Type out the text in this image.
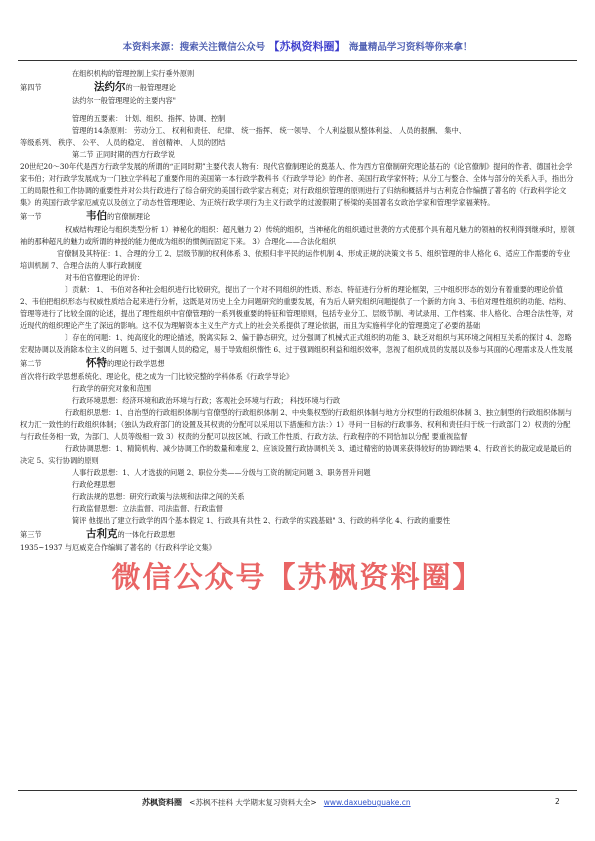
本资料来源：搜索关注微信公众号 【苏枫资料圈】 海量精品学习资料等你来拿！
在组织机构的管理控制上实行垂外原则
第四节	法约尔的一般管理理论
法约尔一般管理理论的主要内容"
管理的五要素： 计划、组织、指挥、协调、控制
管理的14条原则： 劳动分工、 权利和责任、 纪律、 统一指挥、 统一领导、 个人利益服从整体利益、 人员的报酬、 集中、
等级系列、 秩序、 公平、 人员的稳定、 首创精神、 人员的团结
第二节 正同时期的西方行政学说
20世纪20～30年代是西方行政学发展的所谓的“正同时期”主要代表人物有：现代官僚制理论的奠基人、作为西方官僚制研究理论基石的《论官僚制》提问的作者、德国社会学家韦伯；对行政学发展成为一门独立学科起了重要作用的美国第一本行政学教科书《行政学导论》的作者、美国行政学家怀特；从分工与整合、全体与部分的关系入手，指出分工的局限性和工作协调的重要性并对公共行政进行了综合研究的美国行政学家古利克；对行政组织管理的原则进行了归纳和概括并与古利克合作编撰了著名的《行政科学论文集》的英国行政学家厄威克以及创立了动态性管理理论、为正统行政学项行为主义行政学的过渡假期了桥梁的美国著名女政治学家和管理学家福莱特。
第一节	韦伯的官僚制理论
权威结构理论与组织类型分析 1）神秘化的组织：超凡魅力 2）传统的组织，当神秘化的组织通过世袭的方式使那个具有超凡魅力的领袖的权利得到继承时，原领袖的那种超凡的魅力或所谓的神授的能力便成为组织的惯例而固定下来。 3）合理化——合法化组织
官僚制及其特征：1、合理的分工 2、层级节制的权利体系 3、依照归非平民的运作机制 4、形成正规的决策文书 5、组织管理的非人格化 6、适应工作需要的专业培训机制 7、合理合法的人事行政制度
对韦伯官僚理论的评价：
〕贡献： 1、 韦伯对各种社会组织进行比较研究，提出了一个对不同组织的性质、形态、特征进行分析的理论框架，三中组织形态的划分有着重要的理论价值 2、韦伯把组织形态与权威性质结合起来进行分析，这既是对历史上全力问题研究的重要发展，有为后人研究组织问题提供了一个新的方向 3、韦伯对理性组织的功能、结构、管理等进行了比较全面的论述，提出了理性组织中官僚管理的一系列极重要的特征和管理原则，包括专业分工、层级节制、考试录用、工作档案、非人格化、合理合法性等，对近现代的组织理论产生了深远的影响。这不仅为理解资本主义生产方式上的社会关系提供了理论依据，而且为实施科学化的管理奠定了必要的基础
〕存在的问题：1、纯高度化的理论描述，脱离实际 2、偏于静态研究，过分强调了机械式正式组织的功能 3、缺乏对组织与其环境之间相互关系的探讨 4、忽略宏观协调以及消除本位主义的问题 5、过于强调人员的稳定，易于导致组织惰性 6、过于强调组织利益和组织效率，忽视了组织成员的发展以及参与其面的心理需求及人性发展
第二节	怀特的理论行政学思想
首次将行政学思想系统化、理论化，使之成为一门比较完整的学科体系《行政学导论》
行政学的研究对象和范围
行政环境思想：经济环境和政治环境与行政；客观社会环境与行政； 科技环境与行政
行政组织思想：1、自治型的行政组织体制与官僚型的行政组织体制 2、中央集权型的行政组织体制与地方分权型的行政组织体制 3、独立制型的行政组织体制与权力汇一致性的行政组织体制；（独认为政府部门的设置及其权责的分配可以采用以下措施和方法：）1）寻问一目标的行政事务、权利和责任归于统一行政部门 2）权责的分配与行政任务相一致，为部门、人员等级相一致 3）权责的分配可以按区域、行政工作性质、行政方法、行政程序的不同恰加以分配 要重视监督
行政协调思想：1、精简机构、减少协调工作的数量和难度 2、应该设置行政协调机关 3、通过精密的协调来获得较好的协调结果 4、行政首长的裁定或是最后的决定 5、实行协调的原则
人事行政思想：1、人才选拔的问题 2、职位分类——分级与工资的制定问题 3、职务晋升问题
行政伦理思想
行政法规的思想：研究行政策与法规和法律之间的关系
行政监督思想：立法监督、司法监督、行政监督
简评 他提出了建立行政学的四个基本假定 1、行政具有共性 2、行政学的实践基础" 3、行政的科学化 4、行政的重要性
第三节	古利克的一体化行政思想
1935~1937 与厄威克合作编辑了著名的《行政科学论文集》
微信公众号【苏枫资料圈】
苏枫资料圈 <苏枫不挂科 大学期末复习资料大全> www.daxuebuguake.cn	2
